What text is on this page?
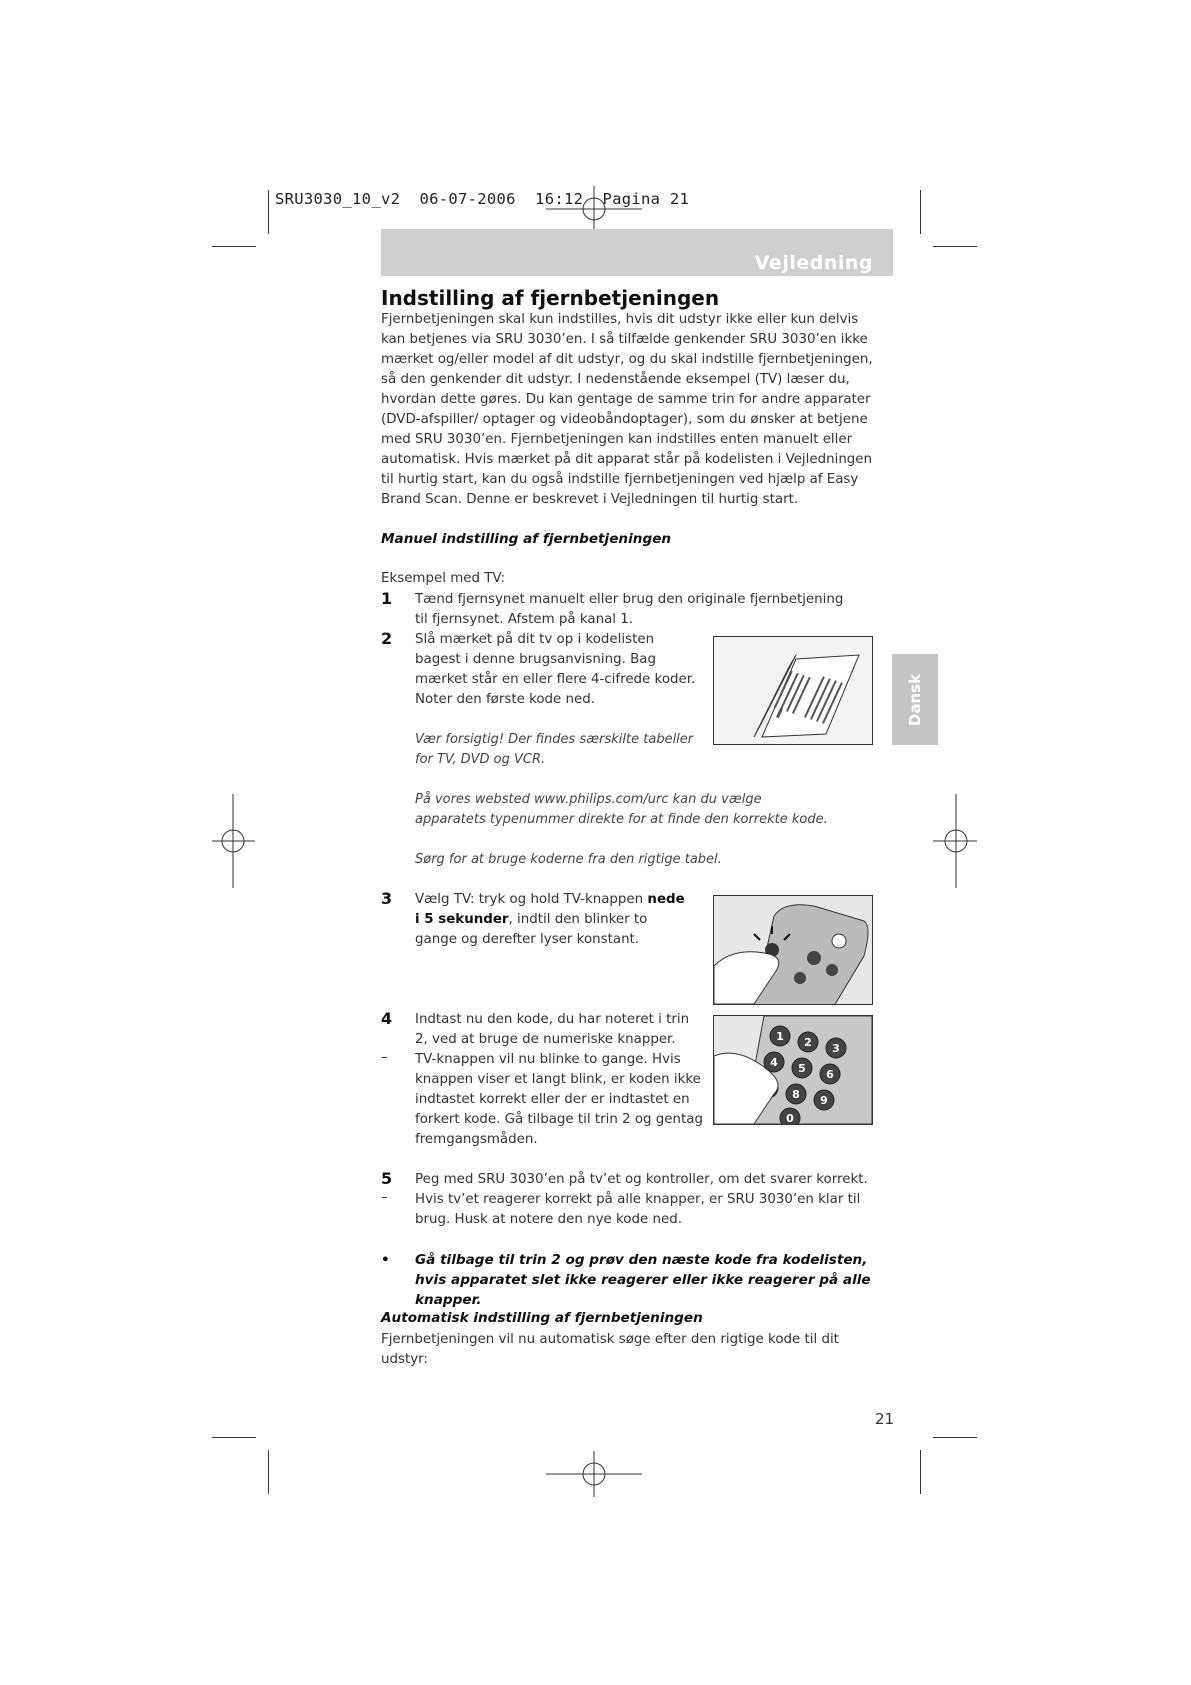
SRU3030_10_v2  06-07-2006  16:12  Pagina 21
Vejledning
Dansk
Indstilling af fjernbetjeningen
Fjernbetjeningen skal kun indstilles, hvis dit udstyr ikke eller kun delvis kan betjenes via SRU 3030’en. I så tilfælde genkender SRU 3030’en ikke mærket og/eller model af dit udstyr, og du skal indstille fjernbetjeningen, så den genkender dit udstyr. I nedenstående eksempel (TV) læser du, hvordan dette gøres. Du kan gentage de samme trin for andre apparater (DVD-afspiller/ optager og videobåndoptager), som du ønsker at betjene med SRU 3030’en. Fjernbetjeningen kan indstilles enten manuelt eller automatisk. Hvis mærket på dit apparat står på kodelisten i Vejledningen til hurtig start, kan du også indstille fjernbetjeningen ved hjælp af Easy Brand Scan. Denne er beskrevet i Vejledningen til hurtig start.
Manuel indstilling af fjernbetjeningen
Eksempel med TV:
1 Tænd fjernsynet manuelt eller brug den originale fjernbetjening til fjernsynet. Afstem på kanal 1.
2 Slå mærket på dit tv op i kodelisten bagest i denne brugsanvisning. Bag mærket står en eller flere 4-cifrede koder. Noter den første kode ned.
Vær forsigtig! Der findes særskilte tabeller for TV, DVD og VCR.
På vores websted www.philips.com/urc kan du vælge apparatets typenummer direkte for at finde den korrekte kode.
Sørg for at bruge koderne fra den rigtige tabel.
3 Vælg TV: tryk og hold TV-knappen nede i 5 sekunder, indtil den blinker to gange og derefter lyser konstant.
4 Indtast nu den kode, du har noteret i trin 2, ved at bruge de numeriske knapper.
– TV-knappen vil nu blinke to gange. Hvis knappen viser et langt blink, er koden ikke indtastet korrekt eller der er indtastet en forkert kode. Gå tilbage til trin 2 og gentag fremgangsmåden.
1 2 3
4 5 6
8 9
0
5 Peg med SRU 3030’en på tv’et og kontroller, om det svarer korrekt.
– Hvis tv’et reagerer korrekt på alle knapper, er SRU 3030’en klar til brug. Husk at notere den nye kode ned.
• Gå tilbage til trin 2 og prøv den næste kode fra kodelisten, hvis apparatet slet ikke reagerer eller ikke reagerer på alle knapper.
Automatisk indstilling af fjernbetjeningen
Fjernbetjeningen vil nu automatisk søge efter den rigtige kode til dit udstyr:
21
